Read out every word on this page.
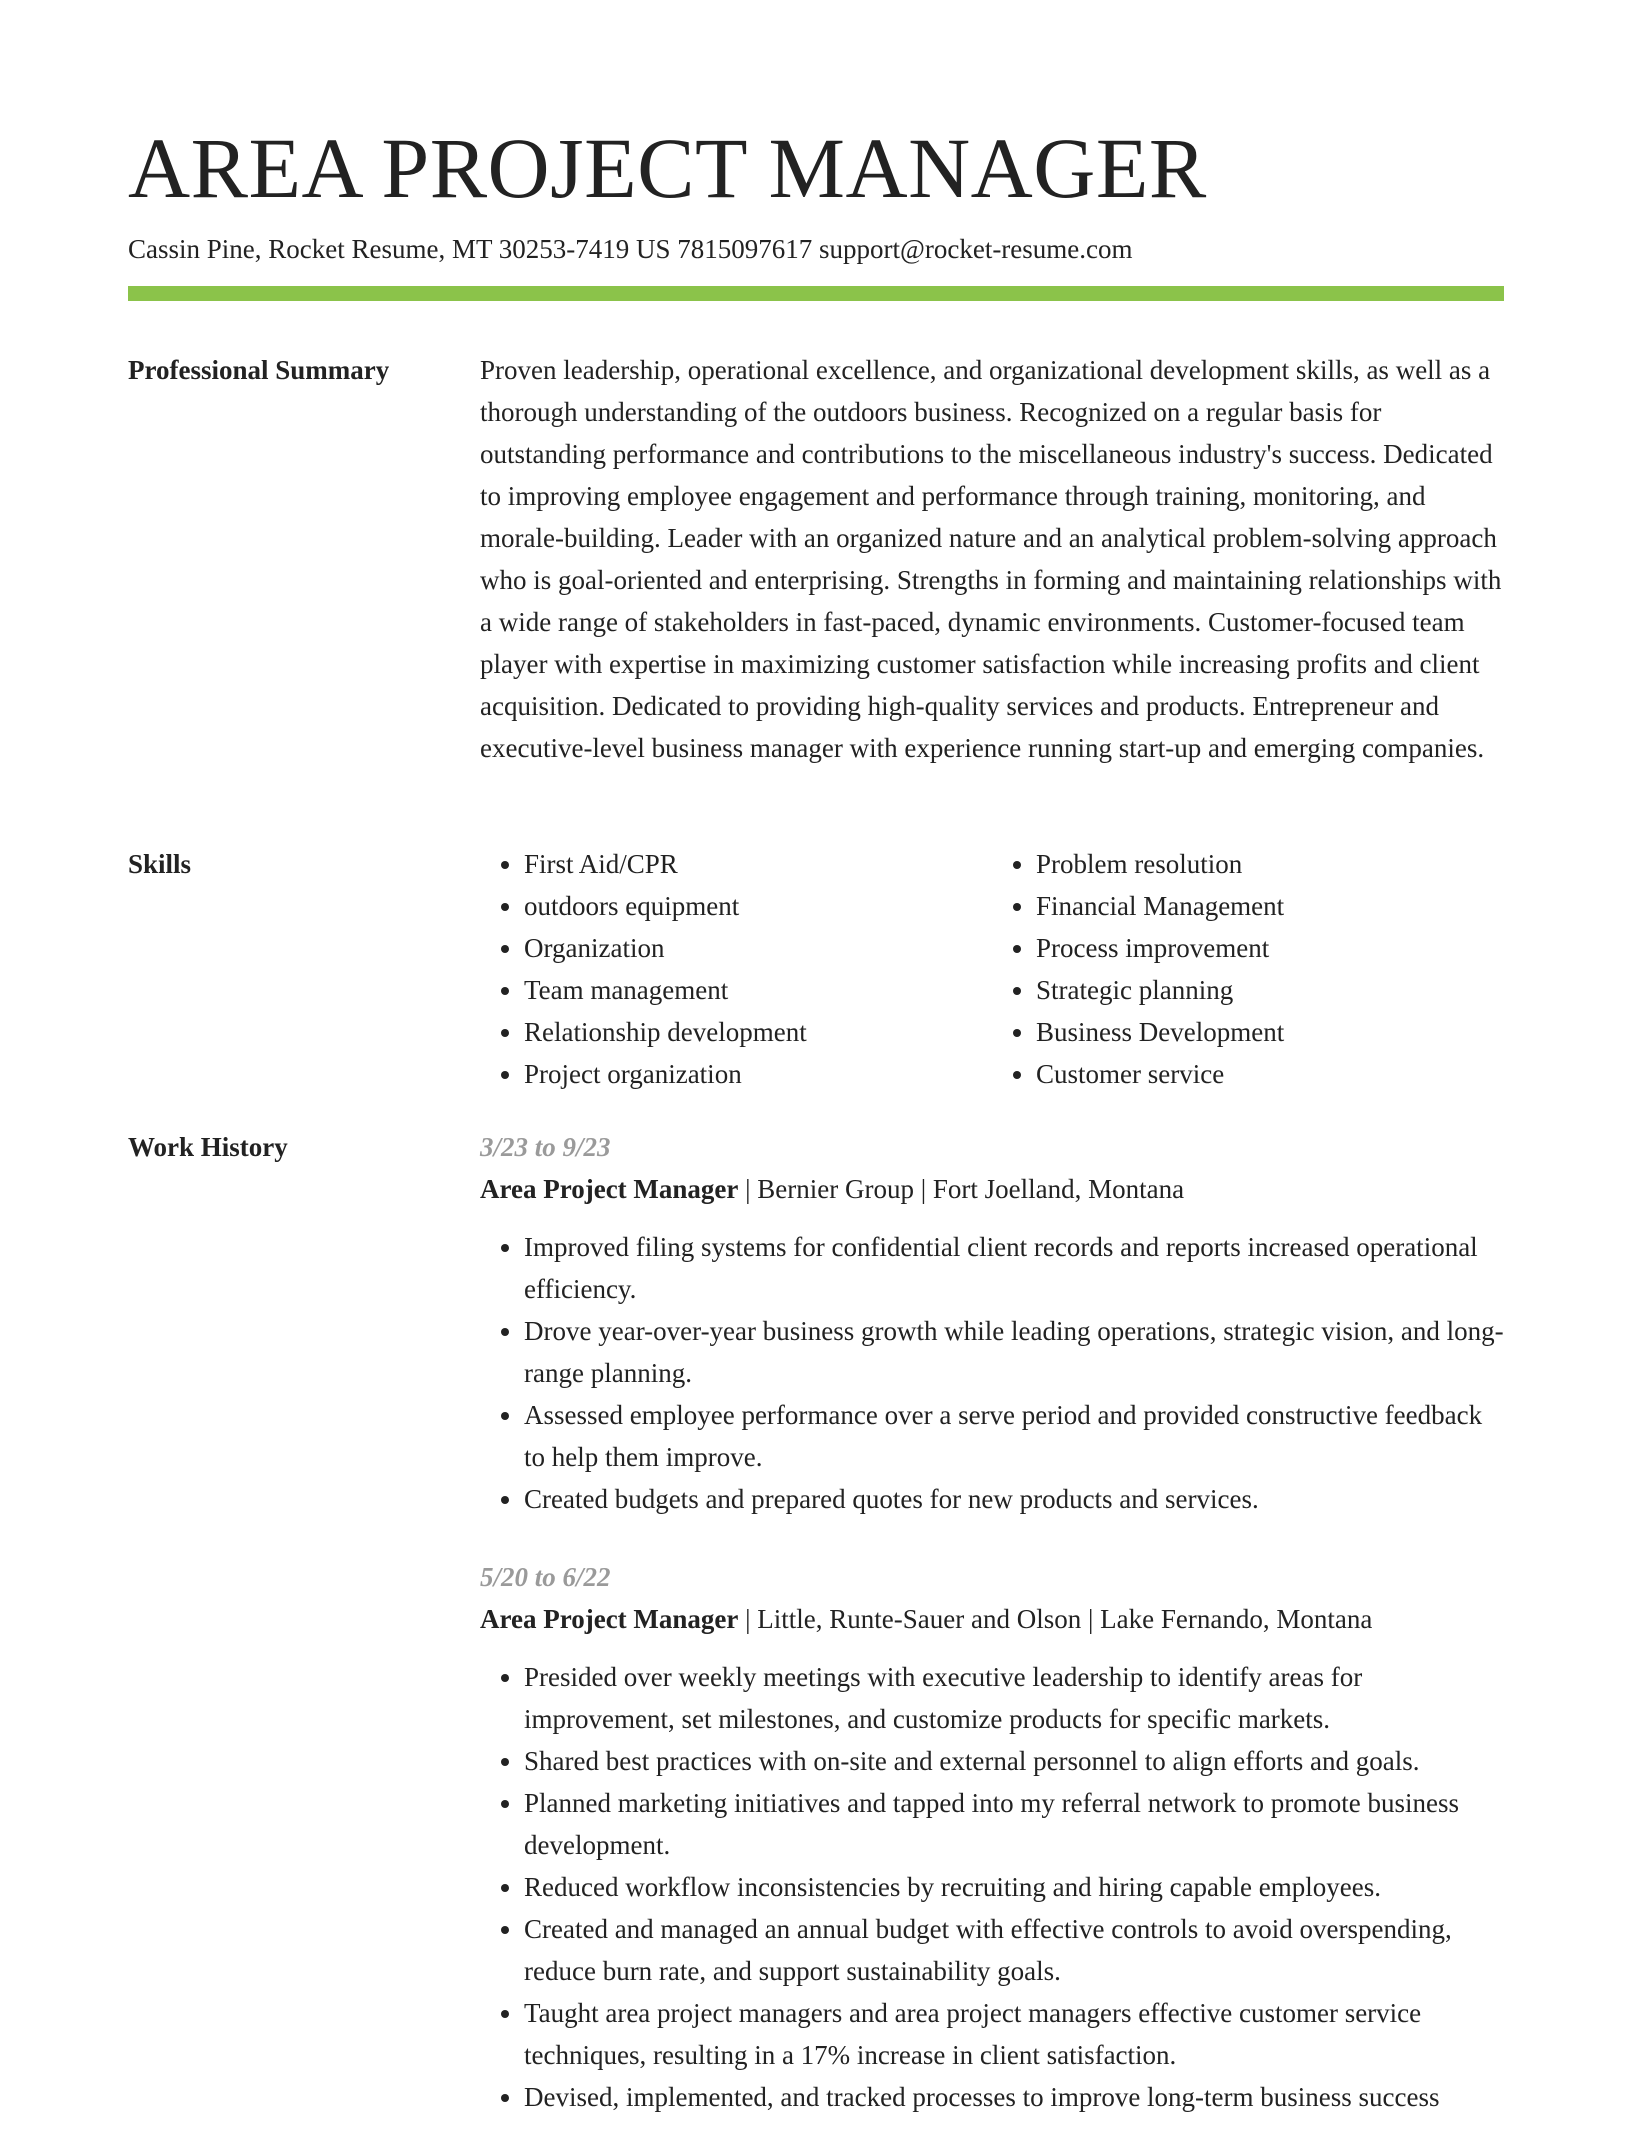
AREA PROJECT MANAGER
Cassin Pine, Rocket Resume, MT 30253-7419 US 7815097617 support@rocket-resume.com
Professional Summary	Proven leadership, operational excellence, and organizational development skills, as well as a thorough understanding of the outdoors business. Recognized on a regular basis for outstanding performance and contributions to the miscellaneous industry's success. Dedicated to improving employee engagement and performance through training, monitoring, and morale-building. Leader with an organized nature and an analytical problem-solving approach who is goal-oriented and enterprising. Strengths in forming and maintaining relationships with a wide range of stakeholders in fast-paced, dynamic environments. Customer-focused team player with expertise in maximizing customer satisfaction while increasing profits and client acquisition. Dedicated to providing high-quality services and products. Entrepreneur and executive-level business manager with experience running start-up and emerging companies.

Skills
•	First Aid/CPR
• outdoors equipment
• Organization
• Team management
• Relationship development
• Project organization
• Problem resolution
• Financial Management
• Process improvement
• Strategic planning
• Business Development
• Customer service
Work History	3/23 to 9/23
Area Project Manager | Bernier Group | Fort Joelland, Montana
• Improved filing systems for confidential client records and reports increased operational efficiency.
• Drove year-over-year business growth while leading operations, strategic vision, and long-range planning.
• Assessed employee performance over a serve period and provided constructive feedback to help them improve.
• Created budgets and prepared quotes for new products and services.
5/20 to 6/22
Area Project Manager | Little, Runte-Sauer and Olson | Lake Fernando, Montana
• Presided over weekly meetings with executive leadership to identify areas for improvement, set milestones, and customize products for specific markets.
• Shared best practices with on-site and external personnel to align efforts and goals.
• Planned marketing initiatives and tapped into my referral network to promote business development.
• Reduced workflow inconsistencies by recruiting and hiring capable employees.
• Created and managed an annual budget with effective controls to avoid overspending, reduce burn rate, and support sustainability goals.
• Taught area project managers and area project managers effective customer service techniques, resulting in a 17% increase in client satisfaction.
• Devised, implemented, and tracked processes to improve long-term business success
